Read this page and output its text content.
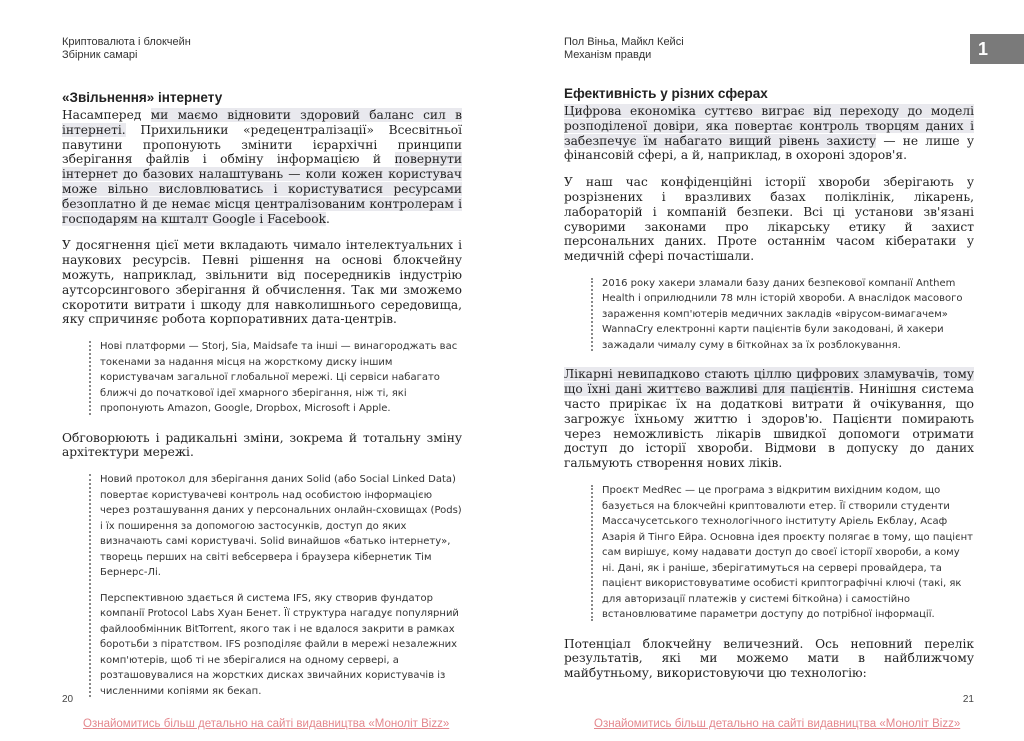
Криптовалюта і блокчейн
Збірник самарі
«Звільнення» інтернету

Насамперед ми маємо відновити здоровий баланс сил в інтернеті. Прихильники «редецентралізації» Всесвітньої павутини пропонують змінити ієрархічні принципи зберігання файлів і обміну інформацією й повернути інтернет до базових налаштувань — коли кожен користувач може вільно висловлюватись і користуватися ресурсами безоплатно й де немає місця централізованим контролерам і господарям на кшталт Google і Facebook.

У досягнення цієї мети вкладають чимало інтелектуальних і наукових ресурсів. Певні рішення на основі блокчейну можуть, наприклад, звільнити від посередників індустрію аутсорсингового зберігання й обчислення. Так ми зможемо скоротити витрати і шкоду для навколишнього середовища, яку спричиняє робота корпоративних дата-центрів.

Нові платформи — Storj, Sia, Maidsafe та інші — винагороджать вас токенами за надання місця на жорсткому диску іншим користувачам загальної глобальної мережі. Ці сервіси набагато ближчі до початкової ідеї хмарного зберігання, ніж ті, які пропонують Amazon, Google, Dropbox, Microsoft і Apple.

Обговорюють і радикальні зміни, зокрема й тотальну зміну архітектури мережі.

Новий протокол для зберігання даних Solid (або Social Linked Data) повертає користувачеві контроль над особистою інформацією через розташування даних у персональних онлайн-сховищах (Pods) і їх поширення за допомогою застосунків, доступ до яких визначають самі користувачі. Solid винайшов «батько інтернету», творець перших на світі вебсервера і браузера кібернетик Тім Бернерс-Лі.

Перспективною здається й система IFS, яку створив фундатор компанії Protocol Labs Хуан Бенет. Її структура нагадує популярний файлообмінник BitTorrent, якого так і не вдалося закрити в рамках боротьби з піратством. IFS розподіляє файли в мережі незалежних комп'ютерів, щоб ті не зберігалися на одному сервері, а розташовувалися на жорстких дисках звичайних користувачів із численними копіями як бекап.

20
Ознайомитись більш детально на сайті видавництва «Моноліт Bizz»
Пол Віньа, Майкл Кейсі
Механізм правди	1
Ефективність у різних сферах

Цифрова економіка суттєво виграє від переходу до моделі розподіленої довіри, яка повертає контроль творцям даних і забезпечує їм набагато вищий рівень захисту — не лише у фінансовій сфері, а й, наприклад, в охороні здоров'я.

У наш час конфіденційні історії хвороби зберігають у розрізнених і вразливих базах поліклінік, лікарень, лабораторій і компаній безпеки. Всі ці установи зв'язані суворими законами про лікарську етику й захист персональних даних. Проте останнім часом кібератаки у медичній сфері почастішали.

2016 року хакери зламали базу даних безпекової компанії Anthem Health і оприлюднили 78 млн історій хвороби. А внаслідок масового зараження комп'ютерів медичних закладів «вірусом-вимагачем» WannaCry електронні карти пацієнтів були закодовані, й хакери зажадали чималу суму в біткойнах за їх розблокування.

Лікарні невипадково стають ціллю цифрових зламувачів, тому що їхні дані життєво важливі для пацієнтів. Нинішня система часто прирікає їх на додаткові витрати й очікування, що загрожує їхньому життю і здоров'ю. Пацієнти помирають через неможливість лікарів швидкої допомоги отримати доступ до історії хвороби. Відмови в допуску до даних гальмують створення нових ліків.

Проєкт MedRec — це програма з відкритим вихідним кодом, що базується на блокчейні криптовалюти етер. Її створили студенти Массачусетського технологічного інституту Аріель Екблау, Асаф Азарія й Тінго Ейра. Основна ідея проєкту полягає в тому, що пацієнт сам вирішує, кому надавати доступ до своєї історії хвороби, а кому ні. Дані, як і раніше, зберігатимуться на сервері провайдера, та пацієнт використовуватиме особисті криптографічні ключі (такі, як для авторизації платежів у системі біткойна) і самостійно встановлюватиме параметри доступу до потрібної інформації.

Потенціал блокчейну величезний. Ось неповний перелік результатів, які ми можемо мати в найближчому майбутньому, використовуючи цю технологію:

21
Ознайомитись більш детально на сайті видавництва «Моноліт Bizz»
